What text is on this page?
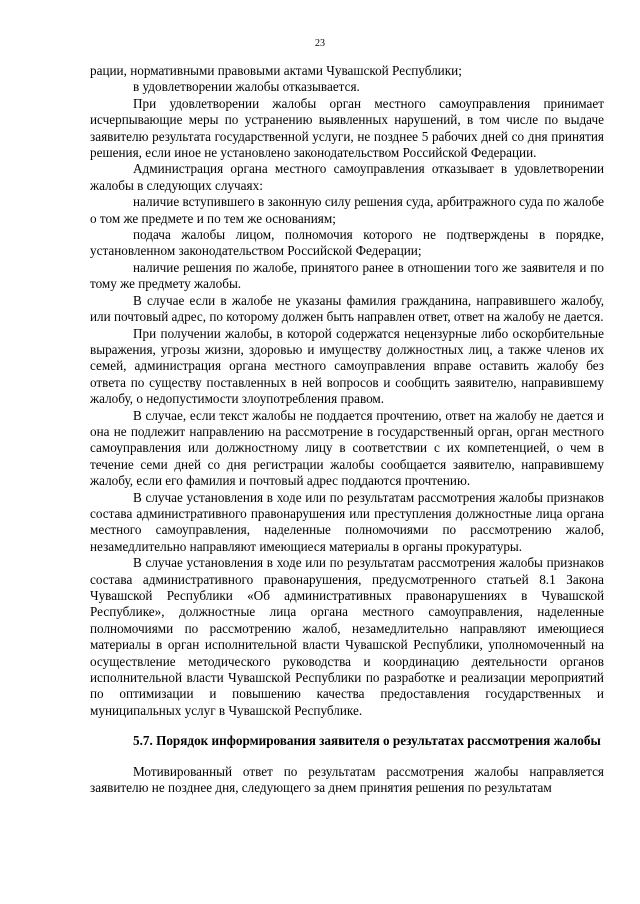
23

рации, нормативными правовыми актами Чувашской Республики;

в удовлетворении жалобы отказывается.

При удовлетворении жалобы орган местного самоуправления принимает исчерпывающие меры по устранению выявленных нарушений, в том числе по выдаче заявителю результата государственной услуги, не позднее 5 рабочих дней со дня принятия решения, если иное не установлено законодательством Российской Федерации.

Администрация органа местного самоуправления отказывает в удовлетворении жалобы в следующих случаях:

наличие вступившего в законную силу решения суда, арбитражного суда по жалобе о том же предмете и по тем же основаниям;

подача жалобы лицом, полномочия которого не подтверждены в порядке, установленном законодательством Российской Федерации;

наличие решения по жалобе, принятого ранее в отношении того же заявителя и по тому же предмету жалобы.

В случае если в жалобе не указаны фамилия гражданина, направившего жалобу, или почтовый адрес, по которому должен быть направлен ответ, ответ на жалобу не дается.

При получении жалобы, в которой содержатся нецензурные либо оскорбительные выражения, угрозы жизни, здоровью и имуществу должностных лиц, а также членов их семей, администрация органа местного самоуправления вправе оставить жалобу без ответа по существу поставленных в ней вопросов и сообщить заявителю, направившему жалобу, о недопустимости злоупотребления правом.

В случае, если текст жалобы не поддается прочтению, ответ на жалобу не дается и она не подлежит направлению на рассмотрение в государственный орган, орган местного самоуправления или должностному лицу в соответствии с их компетенцией, о чем в течение семи дней со дня регистрации жалобы сообщается заявителю, направившему жалобу, если его фамилия и почтовый адрес поддаются прочтению.

В случае установления в ходе или по результатам рассмотрения жалобы признаков состава административного правонарушения или преступления должностные лица органа местного самоуправления, наделенные полномочиями по рассмотрению жалоб, незамедлительно направляют имеющиеся материалы в органы прокуратуры.

В случае установления в ходе или по результатам рассмотрения жалобы признаков состава административного правонарушения, предусмотренного статьей 8.1 Закона Чувашской Республики «Об административных правонарушениях в Чувашской Республике», должностные лица органа местного самоуправления, наделенные полномочиями по рассмотрению жалоб, незамедлительно направляют имеющиеся материалы в орган исполнительной власти Чувашской Республики, уполномоченный на осуществление методического руководства и координацию деятельности органов исполнительной власти Чувашской Республики по разработке и реализации мероприятий по оптимизации и повышению качества предоставления государственных и муниципальных услуг в Чувашской Республике.

5.7. Порядок информирования заявителя о результатах рассмотрения жалобы

Мотивированный ответ по результатам рассмотрения жалобы направляется заявителю не позднее дня, следующего за днем принятия решения по результатам
